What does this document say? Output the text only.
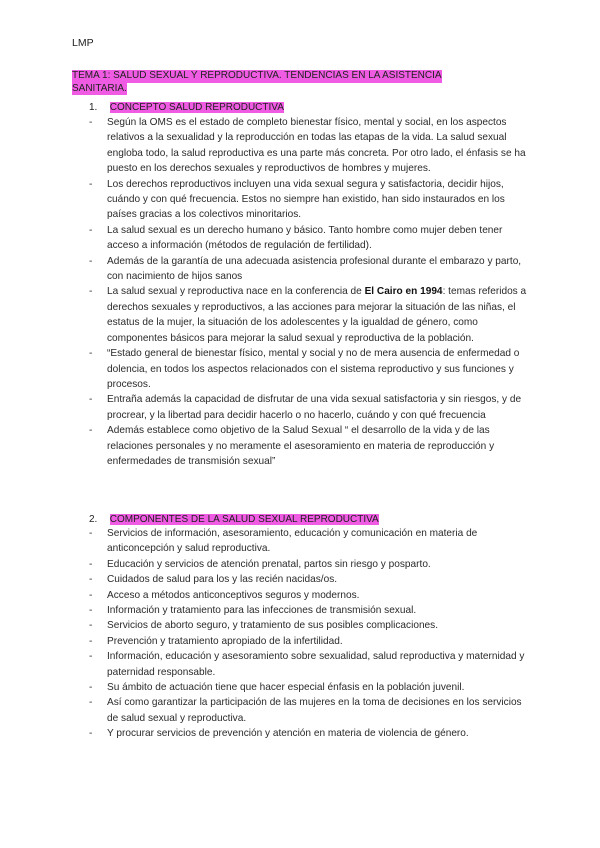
LMP
TEMA 1: SALUD SEXUAL Y REPRODUCTIVA. TENDENCIAS EN LA ASISTENCIA
SANITARIA.
1. CONCEPTO SALUD REPRODUCTIVA
- Según la OMS es el estado de completo bienestar físico, mental y social, en los aspectos relativos a la sexualidad y la reproducción en todas las etapas de la vida. La salud sexual engloba todo, la salud reproductiva es una parte más concreta. Por otro lado, el énfasis se ha puesto en los derechos sexuales y reproductivos de hombres y mujeres.
- Los derechos reproductivos incluyen una vida sexual segura y satisfactoria, decidir hijos, cuándo y con qué frecuencia. Estos no siempre han existido, han sido instaurados en los países gracias a los colectivos minoritarios.
- La salud sexual es un derecho humano y básico. Tanto hombre como mujer deben tener acceso a información (métodos de regulación de fertilidad).
- Además de la garantía de una adecuada asistencia profesional durante el embarazo y parto, con nacimiento de hijos sanos
- La salud sexual y reproductiva nace en la conferencia de El Cairo en 1994: temas referidos a derechos sexuales y reproductivos, a las acciones para mejorar la situación de las niñas, el estatus de la mujer, la situación de los adolescentes y la igualdad de género, como componentes básicos para mejorar la salud sexual y reproductiva de la población.
- “Estado general de bienestar físico, mental y social y no de mera ausencia de enfermedad o dolencia, en todos los aspectos relacionados con el sistema reproductivo y sus funciones y procesos.
- Entraña además la capacidad de disfrutar de una vida sexual satisfactoria y sin riesgos, y de procrear, y la libertad para decidir hacerlo o no hacerlo, cuándo y con qué frecuencia
- Además establece como objetivo de la Salud Sexual “ el desarrollo de la vida y de las relaciones personales y no meramente el asesoramiento en materia de reproducción y enfermedades de transmisión sexual”
2. COMPONENTES DE LA SALUD SEXUAL REPRODUCTIVA
- Servicios de información, asesoramiento, educación y comunicación en materia de anticoncepción y salud reproductiva.
- Educación y servicios de atención prenatal, partos sin riesgo y posparto.
- Cuidados de salud para los y las recién nacidas/os.
- Acceso a métodos anticonceptivos seguros y modernos.
- Información y tratamiento para las infecciones de transmisión sexual.
- Servicios de aborto seguro, y tratamiento de sus posibles complicaciones.
- Prevención y tratamiento apropiado de la infertilidad.
- Información, educación y asesoramiento sobre sexualidad, salud reproductiva y maternidad y paternidad responsable.
- Su ámbito de actuación tiene que hacer especial énfasis en la población juvenil.
- Así como garantizar la participación de las mujeres en la toma de decisiones en los servicios de salud sexual y reproductiva.
- Y procurar servicios de prevención y atención en materia de violencia de género.
